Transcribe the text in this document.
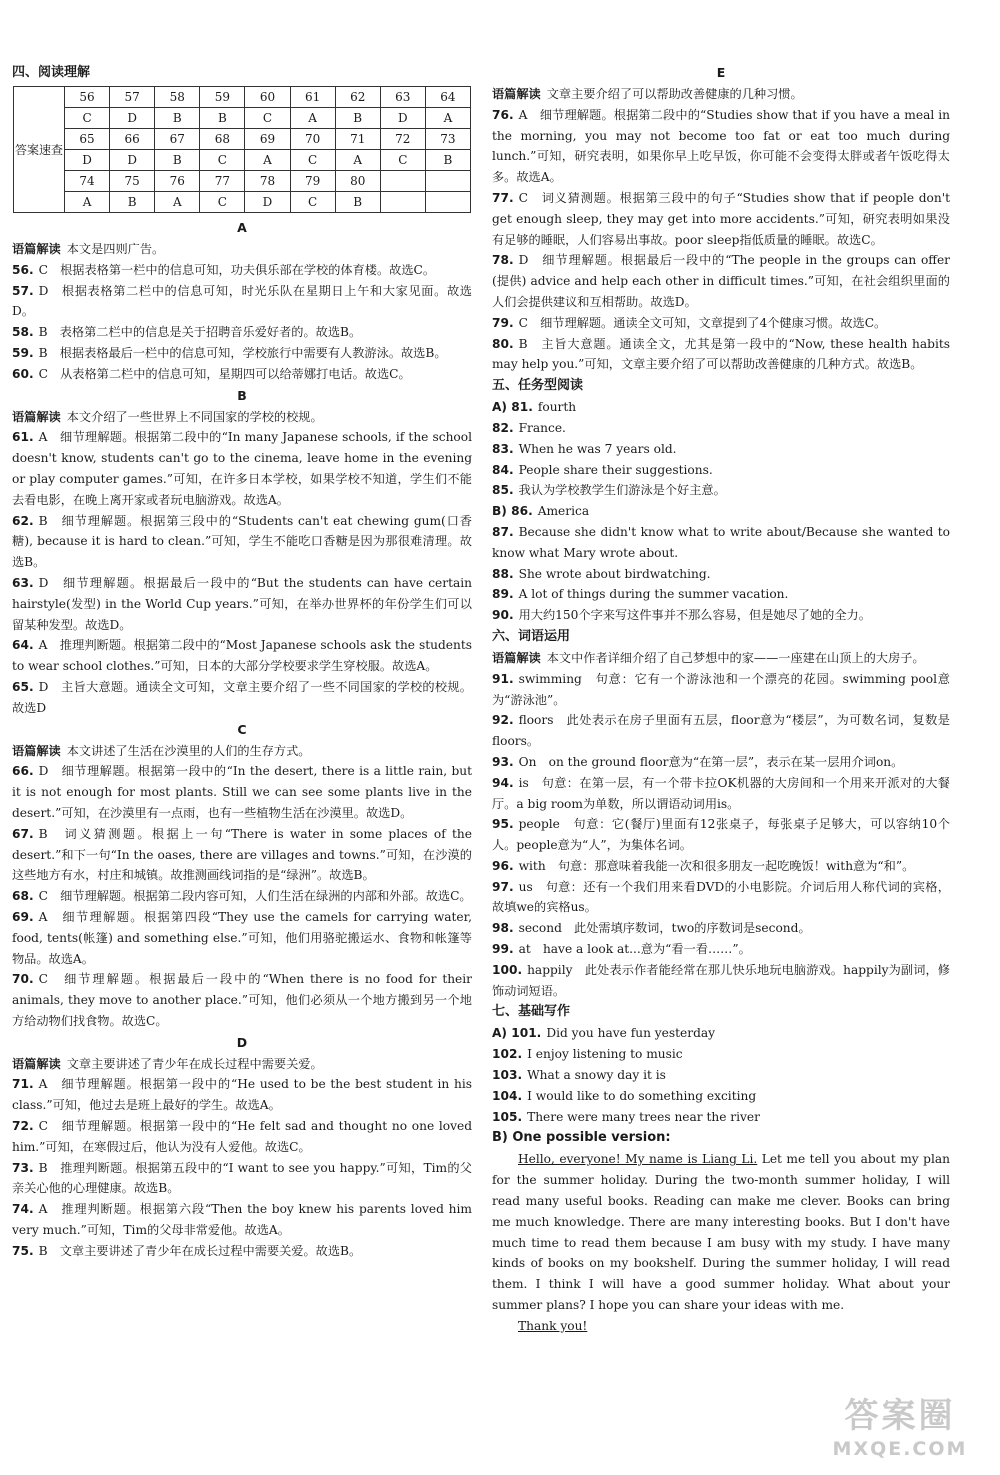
四、阅读理解
答案速查	56	57	58	59	60	61	62	63	64
	C	D	B	B	C	A	B	D	A
	65	66	67	68	69	70	71	72	73
	D	D	B	C	A	C	A	C	B
	74	75	76	77	78	79	80		
	A	B	A	C	D	C	B		
A
语篇解读 本文是四则广告。
56. C　根据表格第一栏中的信息可知，功夫俱乐部在学校的体育楼。故选C。
57. D　根据表格第二栏中的信息可知，时光乐队在星期日上午和大家见面。故选D。
58. B　表格第二栏中的信息是关于招聘音乐爱好者的。故选B。
59. B　根据表格最后一栏中的信息可知，学校旅行中需要有人教游泳。故选B。
60. C　从表格第二栏中的信息可知，星期四可以给蒂娜打电话。故选C。
B
语篇解读 本文介绍了一些世界上不同国家的学校的校规。
61. A　细节理解题。根据第二段中的“In many Japanese schools, if the school doesn't know, students can't go to the cinema, leave home in the evening or play computer games.”可知，在许多日本学校，如果学校不知道，学生们不能去看电影，在晚上离开家或者玩电脑游戏。故选A。
62. B　细节理解题。根据第三段中的“Students can't eat chewing gum(口香糖), because it is hard to clean.”可知，学生不能吃口香糖是因为那很难清理。故选B。
63. D　细节理解题。根据最后一段中的“But the students can have certain hairstyle(发型) in the World Cup years.”可知，在举办世界杯的年份学生们可以留某种发型。故选D。
64. A　推理判断题。根据第二段中的“Most Japanese schools ask the students to wear school clothes.”可知，日本的大部分学校要求学生穿校服。故选A。
65. D　主旨大意题。通读全文可知，文章主要介绍了一些不同国家的学校的校规。故选D
C
语篇解读 本文讲述了生活在沙漠里的人们的生存方式。
66. D　细节理解题。根据第一段中的“In the desert, there is a little rain, but it is not enough for most plants. Still we can see some plants live in the desert.”可知，在沙漠里有一点雨，也有一些植物生活在沙漠里。故选D。
67. B　词义猜测题。根据上一句“There is water in some places of the desert.”和下一句“In the oases, there are villages and towns.”可知，在沙漠的这些地方有水，村庄和城镇。故推测画线词指的是“绿洲”。故选B。
68. C　细节理解题。根据第二段内容可知，人们生活在绿洲的内部和外部。故选C。
69. A　细节理解题。根据第四段“They use the camels for carrying water, food, tents(帐篷) and something else.”可知，他们用骆驼搬运水、食物和帐篷等物品。故选A。
70. C　细节理解题。根据最后一段中的“When there is no food for their animals, they move to another place.”可知，他们必须从一个地方搬到另一个地方给动物们找食物。故选C。
D
语篇解读 文章主要讲述了青少年在成长过程中需要关爱。
71. A　细节理解题。根据第一段中的“He used to be the best student in his class.”可知，他过去是班上最好的学生。故选A。
72. C　细节理解题。根据第一段中的“He felt sad and thought no one loved him.”可知，在寒假过后，他认为没有人爱他。故选C。
73. B　推理判断题。根据第五段中的“I want to see you happy.”可知，Tim的父亲关心他的心理健康。故选B。
74. A　推理判断题。根据第六段“Then the boy knew his parents loved him very much.”可知，Tim的父母非常爱他。故选A。
75. B　文章主要讲述了青少年在成长过程中需要关爱。故选B。
E
语篇解读 文章主要介绍了可以帮助改善健康的几种习惯。
76. A　细节理解题。根据第二段中的“Studies show that if you have a meal in the morning, you may not become too fat or eat too much during lunch.”可知，研究表明，如果你早上吃早饭，你可能不会变得太胖或者午饭吃得太多。故选A。
77. C　词义猜测题。根据第三段中的句子“Studies show that if people don't get enough sleep, they may get into more accidents.”可知，研究表明如果没有足够的睡眠，人们容易出事故。poor sleep指低质量的睡眠。故选C。
78. D　细节理解题。根据最后一段中的“The people in the groups can offer (提供) advice and help each other in difficult times.”可知，在社会组织里面的人们会提供建议和互相帮助。故选D。
79. C　细节理解题。通读全文可知，文章提到了4个健康习惯。故选C。
80. B　主旨大意题。通读全文，尤其是第一段中的“Now, these health habits may help you.”可知，文章主要介绍了可以帮助改善健康的几种方式。故选B。
五、任务型阅读
A) 81. fourth
82. France.
83. When he was 7 years old.
84. People share their suggestions.
85. 我认为学校教学生们游泳是个好主意。
B) 86. America
87. Because she didn't know what to write about/Because she wanted to know what Mary wrote about.
88. She wrote about birdwatching.
89. A lot of things during the summer vacation.
90. 用大约150个字来写这件事并不那么容易，但是她尽了她的全力。
六、词语运用
语篇解读 本文中作者详细介绍了自己梦想中的家——一座建在山顶上的大房子。
91. swimming　句意：它有一个游泳池和一个漂亮的花园。swimming pool意为“游泳池”。
92. floors　此处表示在房子里面有五层，floor意为“楼层”，为可数名词，复数是floors。
93. On　on the ground floor意为“在第一层”，表示在某一层用介词on。
94. is　句意：在第一层，有一个带卡拉OK机器的大房间和一个用来开派对的大餐厅。a big room为单数，所以谓语动词用is。
95. people　句意：它(餐厅)里面有12张桌子，每张桌子足够大，可以容纳10个人。people意为“人”，为集体名词。
96. with　句意：那意味着我能一次和很多朋友一起吃晚饭！with意为“和”。
97. us　句意：还有一个我们用来看DVD的小电影院。介词后用人称代词的宾格，故填we的宾格us。
98. second　此处需填序数词，two的序数词是second。
99. at　have a look at...意为“看一看……”。
100. happily　此处表示作者能经常在那儿快乐地玩电脑游戏。happily为副词，修饰动词短语。
七、基础写作
A) 101. Did you have fun yesterday
102. I enjoy listening to music
103. What a snowy day it is
104. I would like to do something exciting
105. There were many trees near the river
B) One possible version:
Hello, everyone! My name is Liang Li. Let me tell you about my plan for the summer holiday. During the two-month summer holiday, I will read many useful books. Reading can make me clever. Books can bring me much knowledge. There are many interesting books. But I don't have much time to read them because I am busy with my study. I have many kinds of books on my bookshelf. During the summer holiday, I will read them. I think I will have a good summer holiday. What about your summer plans? I hope you can share your ideas with me.
Thank you!
答案圈
MXQE.COM
